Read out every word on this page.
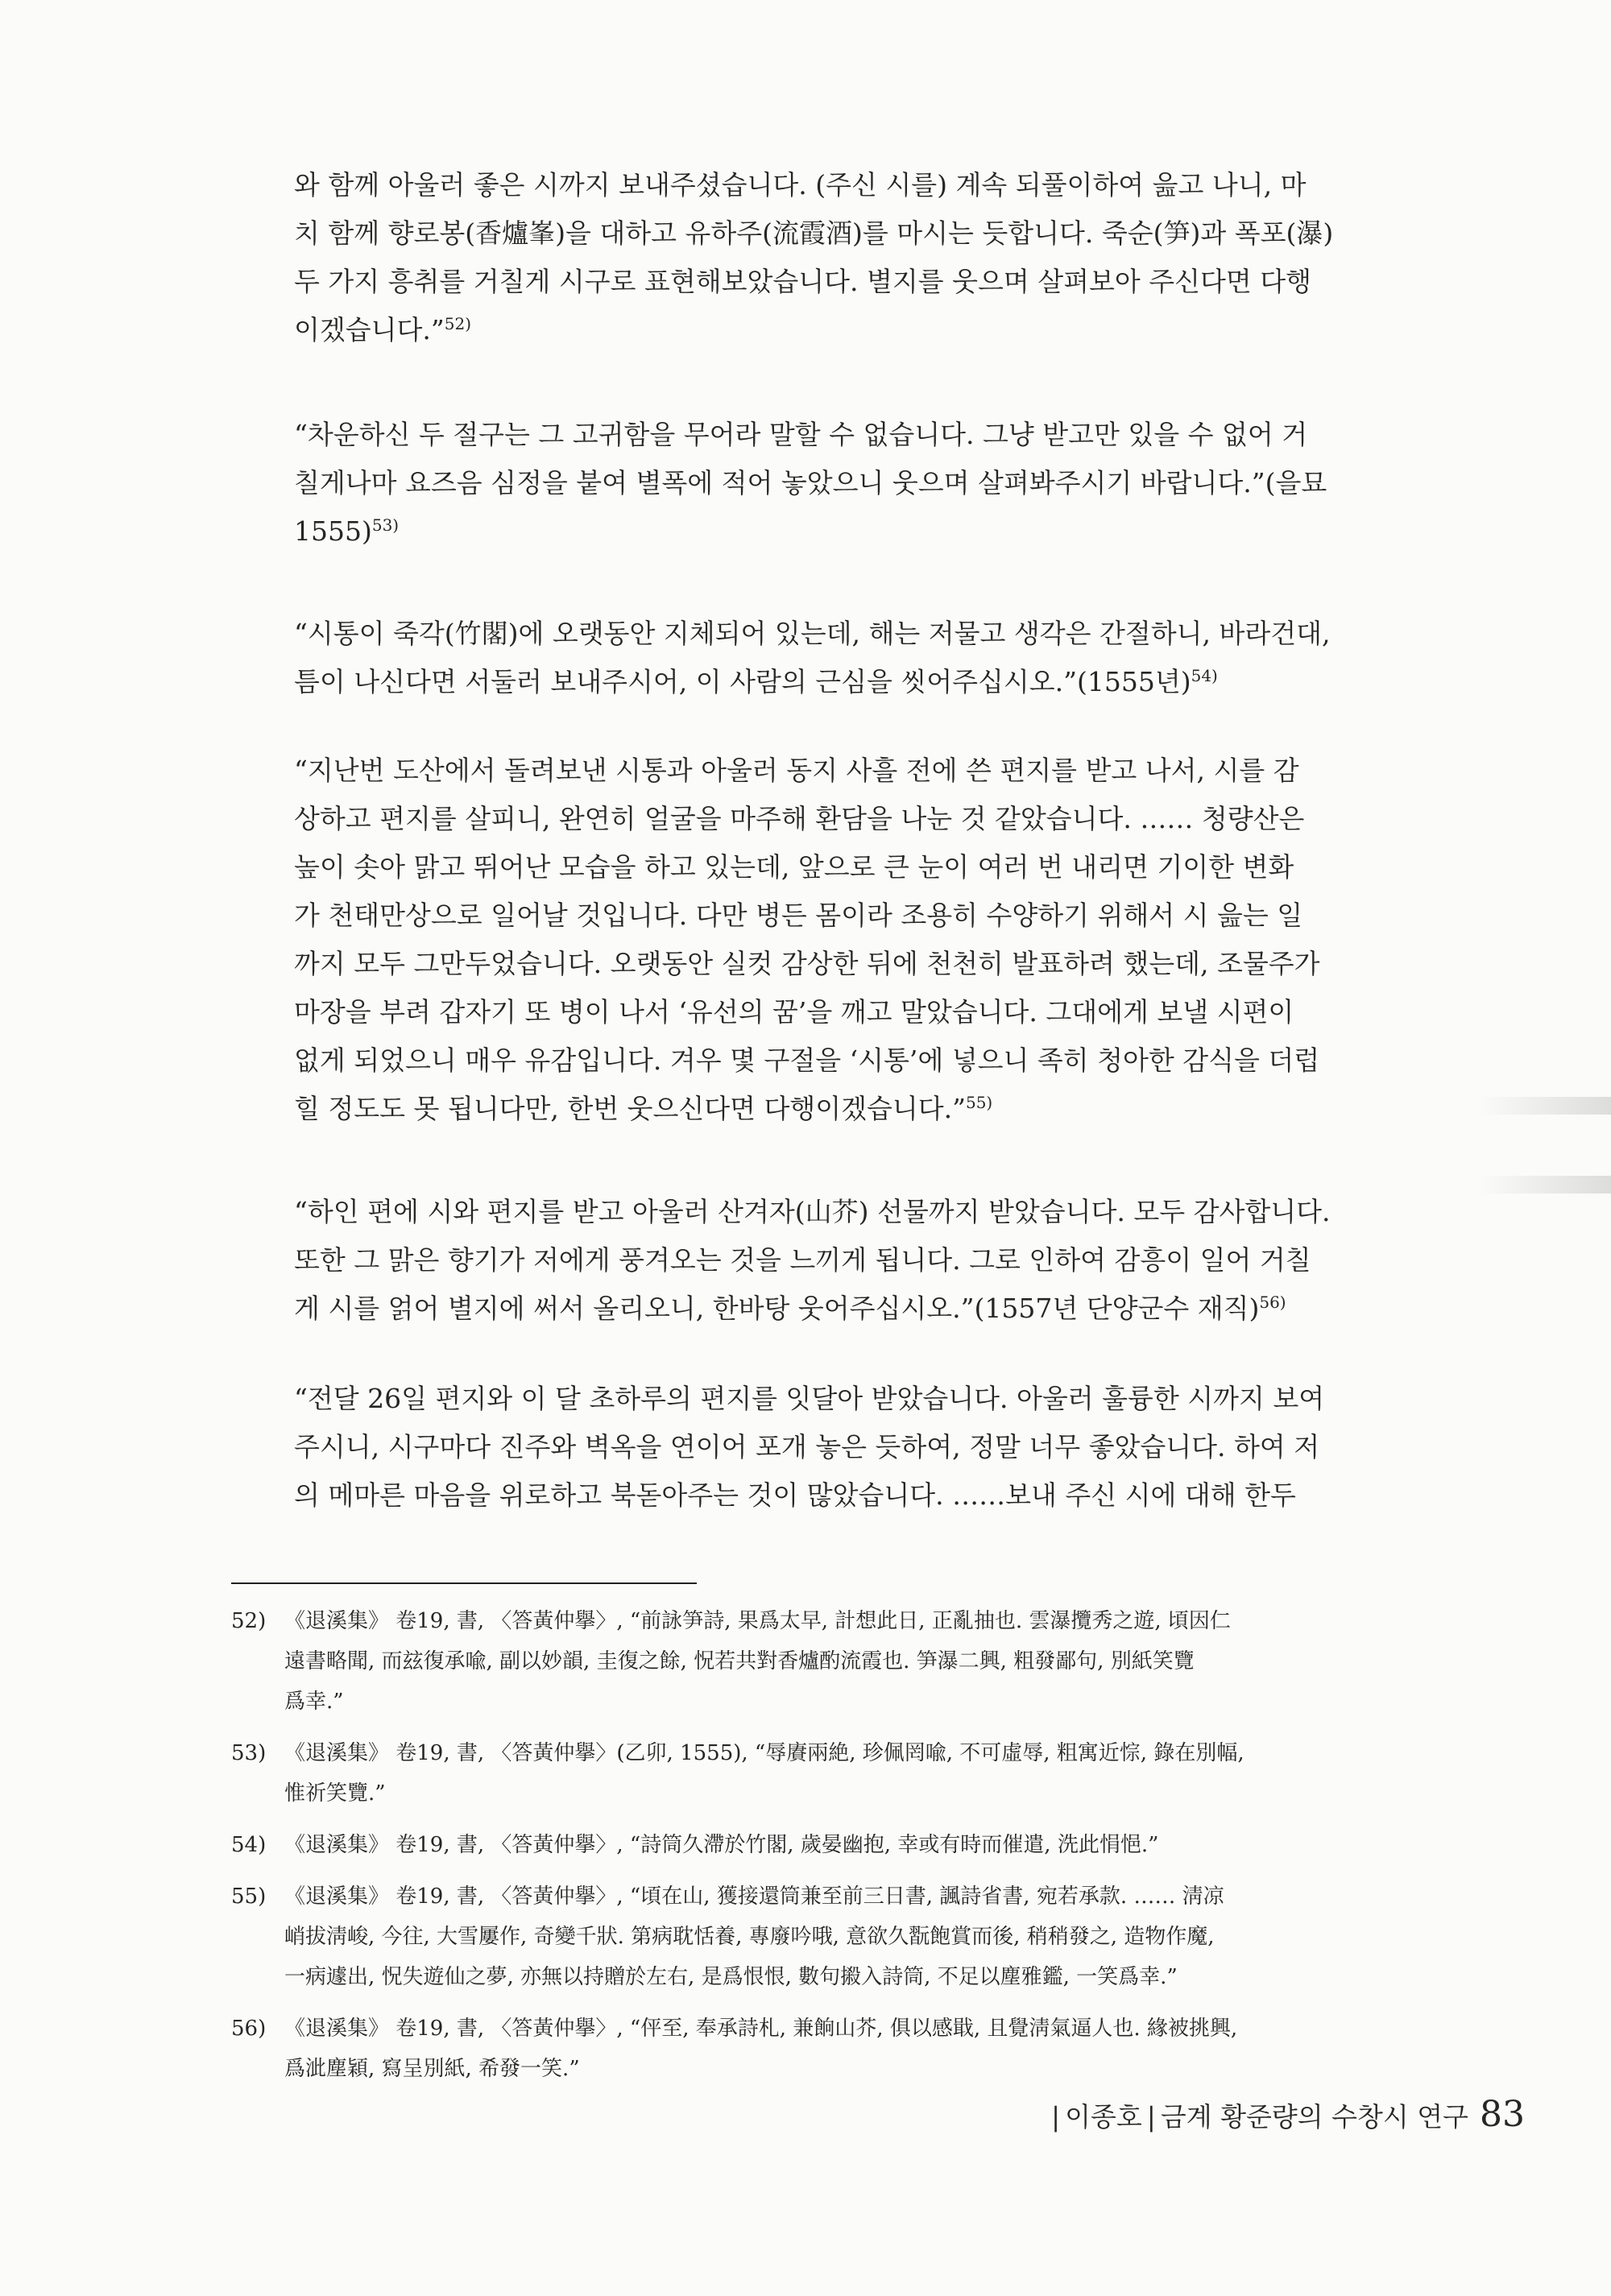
와 함께 아울러 좋은 시까지 보내주셨습니다. (주신 시를) 계속 되풀이하여 읊고 나니, 마
치 함께 향로봉(香爐峯)을 대하고 유하주(流霞酒)를 마시는 듯합니다. 죽순(笋)과 폭포(瀑)
두 가지 흥취를 거칠게 시구로 표현해보았습니다. 별지를 웃으며 살펴보아 주신다면 다행
이겠습니다.”$^{52)}$

“차운하신 두 절구는 그 고귀함을 무어라 말할 수 없습니다. 그냥 받고만 있을 수 없어 거
칠게나마 요즈음 심정을 붙여 별폭에 적어 놓았으니 웃으며 살펴봐주시기 바랍니다.”(을묘
1555)$^{53)}$

“시통이 죽각(竹閣)에 오랫동안 지체되어 있는데, 해는 저물고 생각은 간절하니, 바라건대,
틈이 나신다면 서둘러 보내주시어, 이 사람의 근심을 씻어주십시오.”(1555년)$^{54)}$

“지난번 도산에서 돌려보낸 시통과 아울러 동지 사흘 전에 쓴 편지를 받고 나서, 시를 감
상하고 편지를 살피니, 완연히 얼굴을 마주해 환담을 나눈 것 같았습니다. …… 청량산은
높이 솟아 맑고 뛰어난 모습을 하고 있는데, 앞으로 큰 눈이 여러 번 내리면 기이한 변화
가 천태만상으로 일어날 것입니다. 다만 병든 몸이라 조용히 수양하기 위해서 시 읊는 일
까지 모두 그만두었습니다. 오랫동안 실컷 감상한 뒤에 천천히 발표하려 했는데, 조물주가
마장을 부려 갑자기 또 병이 나서 ‘유선의 꿈’을 깨고 말았습니다. 그대에게 보낼 시편이
없게 되었으니 매우 유감입니다. 겨우 몇 구절을 ‘시통’에 넣으니 족히 청아한 감식을 더럽
힐 정도도 못 됩니다만, 한번 웃으신다면 다행이겠습니다.”$^{55)}$

“하인 편에 시와 편지를 받고 아울러 산겨자(山芥) 선물까지 받았습니다. 모두 감사합니다.
또한 그 맑은 향기가 저에게 풍겨오는 것을 느끼게 됩니다. 그로 인하여 감흥이 일어 거칠
게 시를 얽어 별지에 써서 올리오니, 한바탕 웃어주십시오.”(1557년 단양군수 재직)$^{56)}$

“전달 26일 편지와 이 달 초하루의 편지를 잇달아 받았습니다. 아울러 훌륭한 시까지 보여
주시니, 시구마다 진주와 벽옥을 연이어 포개 놓은 듯하여, 정말 너무 좋았습니다. 하여 저
의 메마른 마음을 위로하고 북돋아주는 것이 많았습니다. ……보내 주신 시에 대해 한두

52) 《退溪集》 卷19, 書, 〈答黃仲擧〉, “前詠笋詩, 果爲太早, 計想此日, 正亂抽也. 雲瀑攬秀之遊, 頃因仁
遠書略聞, 而玆復承喩, 副以妙韻, 圭復之餘, 怳若共對香爐酌流霞也. 笋瀑二興, 粗發鄙句, 別紙笑覽
爲幸.”
53) 《退溪集》 卷19, 書, 〈答黃仲擧〉(乙卯, 1555), “辱賡兩絶, 珍佩罔喩, 不可虛辱, 粗寓近悰, 錄在別幅,
惟祈笑覽.”
54) 《退溪集》 卷19, 書, 〈答黃仲擧〉, “詩筒久滯於竹閣, 歲晏幽抱, 幸或有時而催遣, 洗此悁悒.”
55) 《退溪集》 卷19, 書, 〈答黃仲擧〉, “頃在山, 獲接還筒兼至前三日書, 諷詩省書, 宛若承款. …… 淸凉
峭拔淸峻, 今往, 大雪屢作, 奇變千狀. 第病耽恬養, 專廢吟哦, 意欲久翫飽賞而後, 稍稍發之, 造物作魔,
一病遽出, 怳失遊仙之夢, 亦無以持贈於左右, 是爲恨恨, 數句摋入詩筒, 不足以塵雅鑑, 一笑爲幸.”
56) 《退溪集》 卷19, 書, 〈答黃仲擧〉, “伻至, 奉承詩札, 兼餉山芥, 俱以感戢, 且覺淸氣逼人也. 緣被挑興,
爲泚塵穎, 寫呈別紙, 希發一笑.”
| 이종호 | 금계 황준량의 수창시 연구 83
